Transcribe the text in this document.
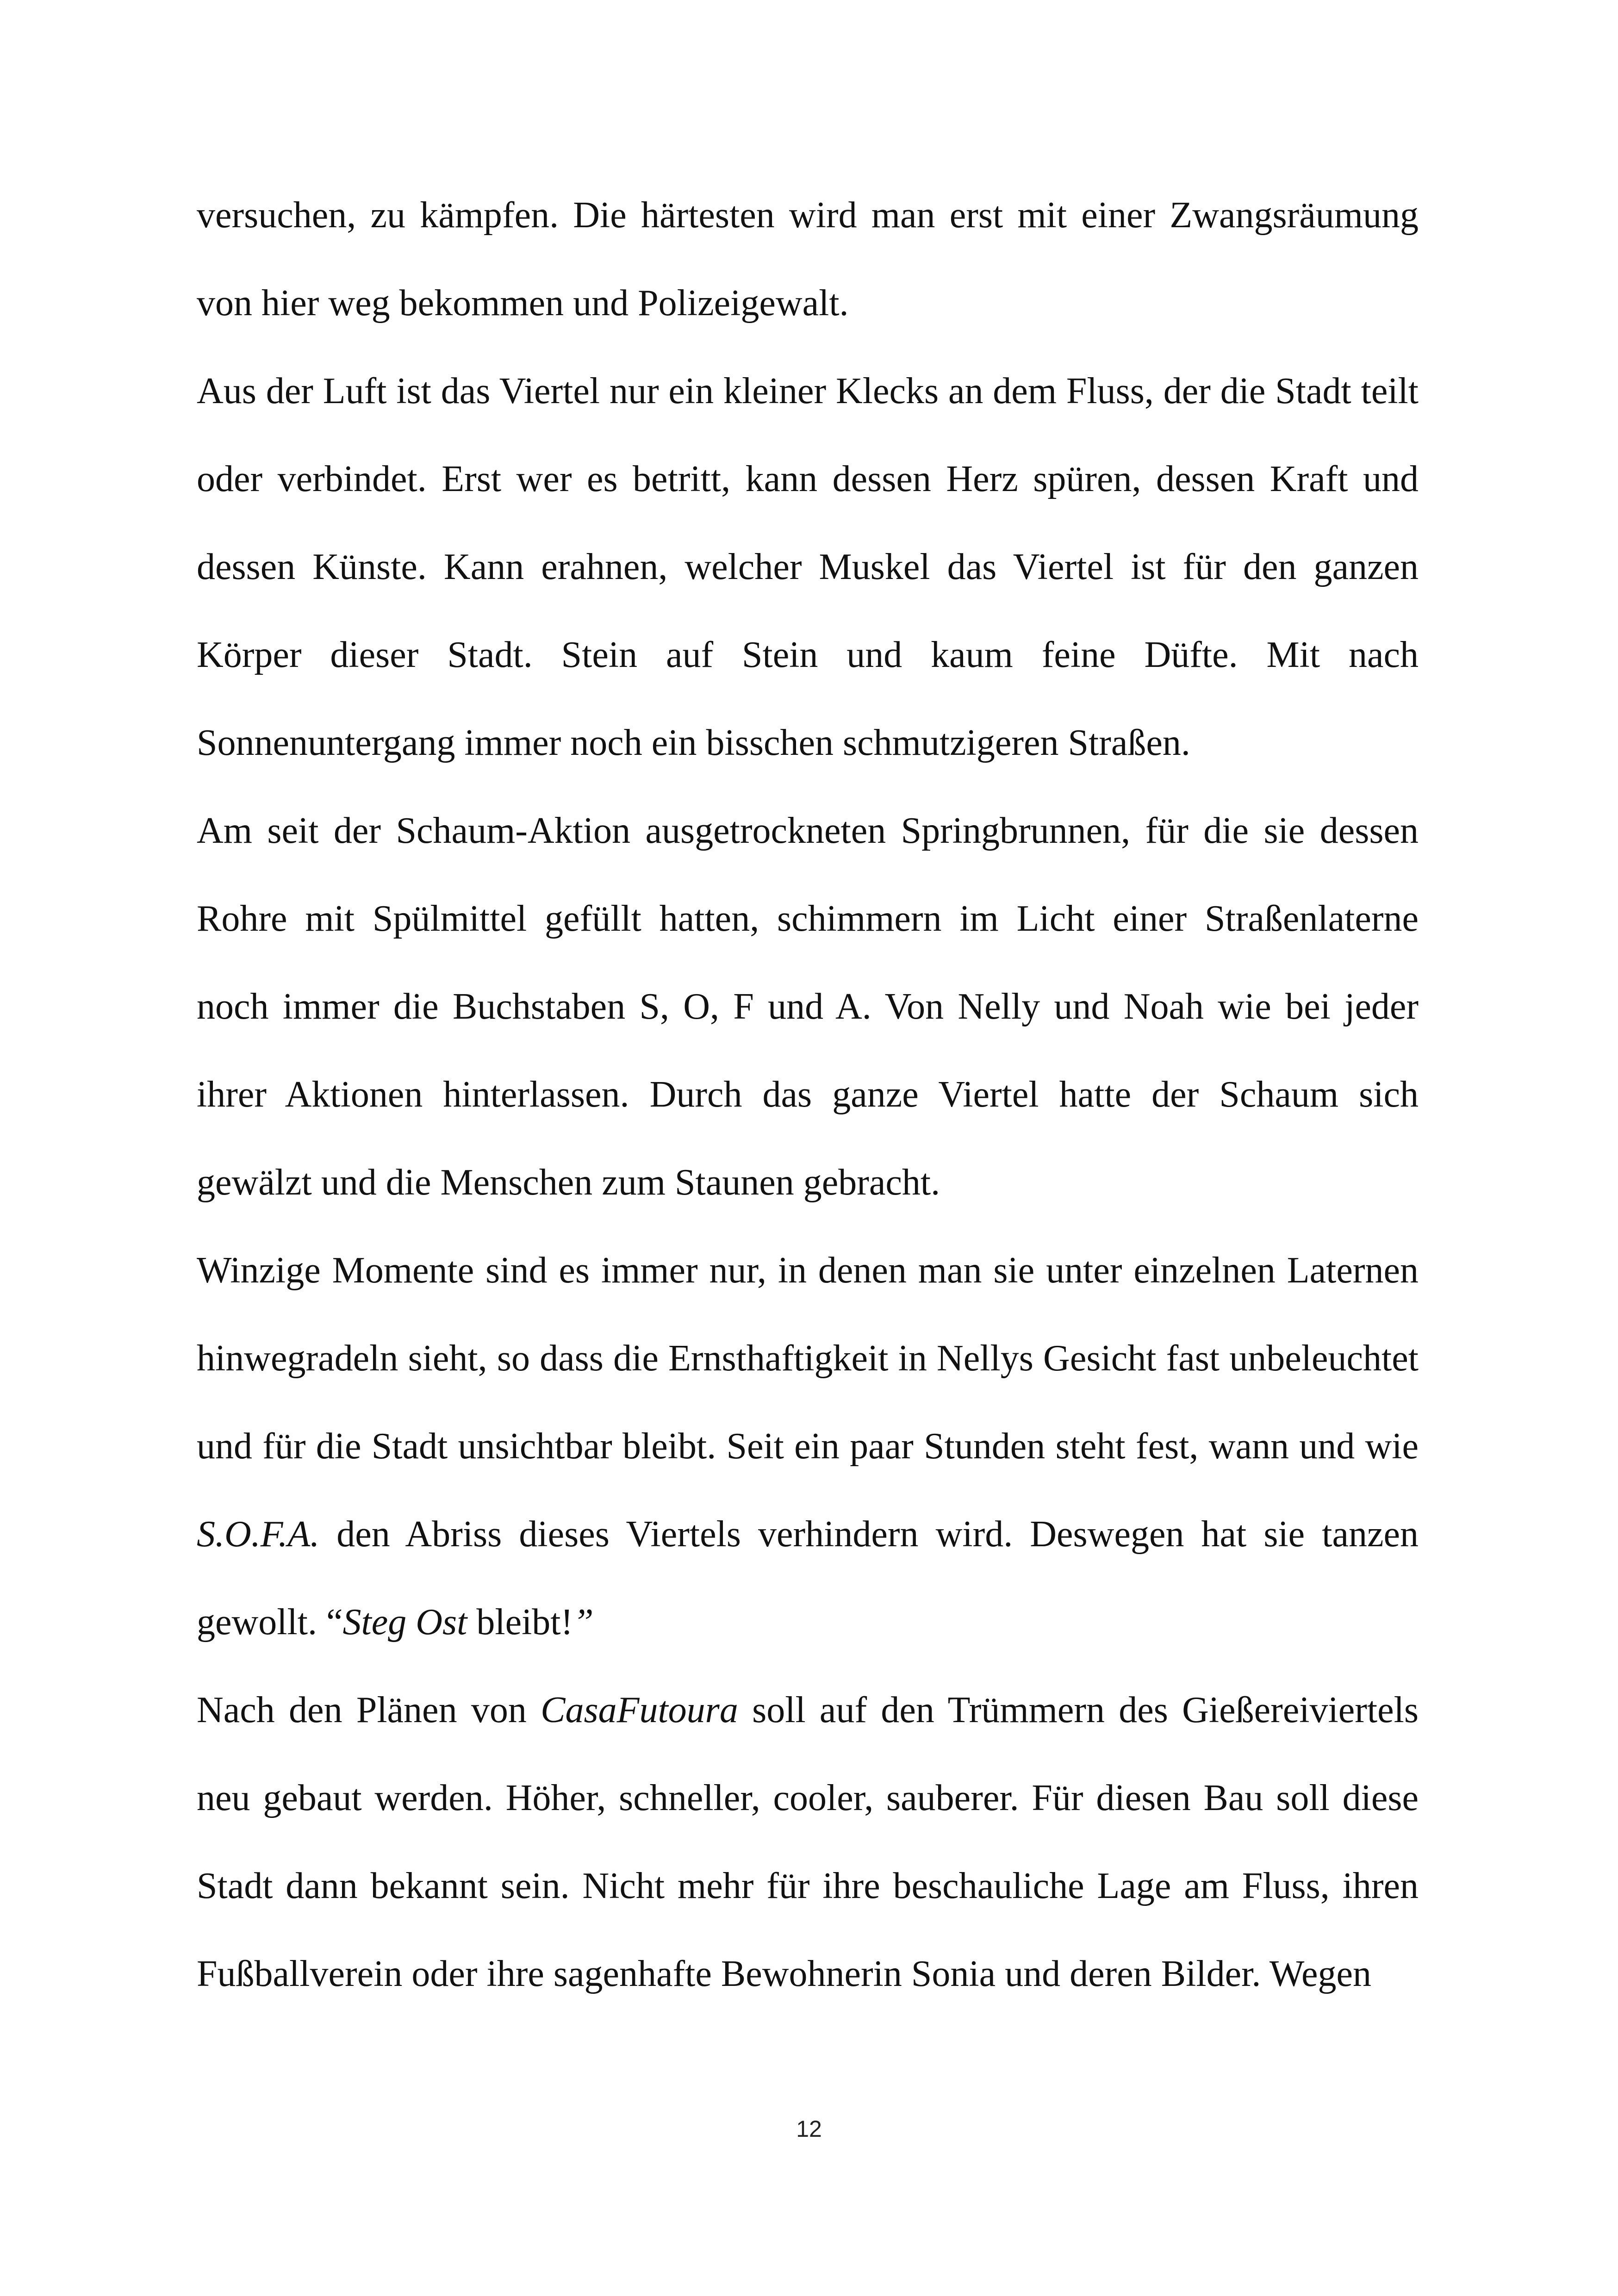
versuchen, zu kämpfen. Die härtesten wird man erst mit einer Zwangsräumung von hier weg bekommen und Polizeigewalt.

Aus der Luft ist das Viertel nur ein kleiner Klecks an dem Fluss, der die Stadt teilt oder verbindet. Erst wer es betritt, kann dessen Herz spüren, dessen Kraft und dessen Künste. Kann erahnen, welcher Muskel das Viertel ist für den ganzen Körper dieser Stadt. Stein auf Stein und kaum feine Düfte. Mit nach Sonnenuntergang immer noch ein bisschen schmutzigeren Straßen.

Am seit der Schaum-Aktion ausgetrockneten Springbrunnen, für die sie dessen Rohre mit Spülmittel gefüllt hatten, schimmern im Licht einer Straßenlaterne noch immer die Buchstaben S, O, F und A. Von Nelly und Noah wie bei jeder ihrer Aktionen hinterlassen. Durch das ganze Viertel hatte der Schaum sich gewälzt und die Menschen zum Staunen gebracht.

Winzige Momente sind es immer nur, in denen man sie unter einzelnen Laternen hinwegradeln sieht, so dass die Ernsthaftigkeit in Nellys Gesicht fast unbeleuchtet und für die Stadt unsichtbar bleibt. Seit ein paar Stunden steht fest, wann und wie S.O.F.A. den Abriss dieses Viertels verhindern wird. Deswegen hat sie tanzen gewollt. “Steg Ost bleibt!”

Nach den Plänen von CasaFutoura soll auf den Trümmern des Gießereiviertels neu gebaut werden. Höher, schneller, cooler, sauberer. Für diesen Bau soll diese Stadt dann bekannt sein. Nicht mehr für ihre beschauliche Lage am Fluss, ihren Fußballverein oder ihre sagenhafte Bewohnerin Sonia und deren Bilder. Wegen

12
